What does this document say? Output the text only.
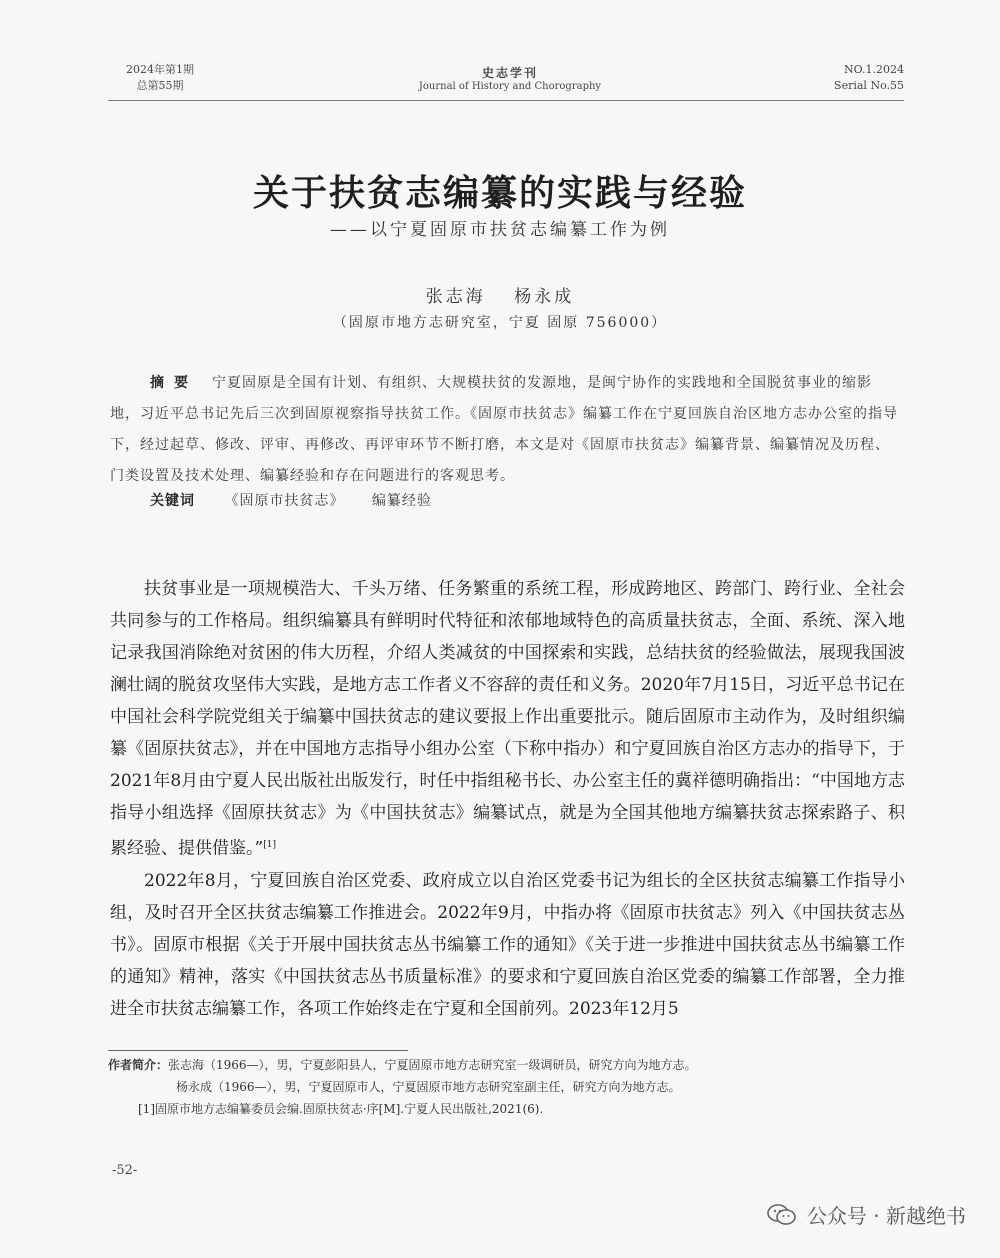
2024年第1期
总第55期
史志学刊
Journal of History and Chorography
NO.1.2024
Serial No.55
关于扶贫志编纂的实践与经验
——以宁夏固原市扶贫志编纂工作为例
张志海 杨永成
（固原市地方志研究室，宁夏 固原 756000）
摘要 宁夏固原是全国有计划、有组织、大规模扶贫的发源地，是闽宁协作的实践地和全国脱贫事业的缩影地，习近平总书记先后三次到固原视察指导扶贫工作。《固原市扶贫志》编纂工作在宁夏回族自治区地方志办公室的指导下，经过起草、修改、评审、再修改、再评审环节不断打磨，本文是对《固原市扶贫志》编纂背景、编纂情况及历程、门类设置及技术处理、编纂经验和存在问题进行的客观思考。
关键词 《固原市扶贫志》 编纂经验

扶贫事业是一项规模浩大、千头万绪、任务繁重的系统工程，形成跨地区、跨部门、跨行业、全社会共同参与的工作格局。组织编纂具有鲜明时代特征和浓郁地域特色的高质量扶贫志，全面、系统、深入地记录我国消除绝对贫困的伟大历程，介绍人类减贫的中国探索和实践，总结扶贫的经验做法，展现我国波澜壮阔的脱贫攻坚伟大实践，是地方志工作者义不容辞的责任和义务。2020年7月15日，习近平总书记在中国社会科学院党组关于编纂中国扶贫志的建议要报上作出重要批示。随后固原市主动作为，及时组织编纂《固原扶贫志》，并在中国地方志指导小组办公室（下称中指办）和宁夏回族自治区方志办的指导下，于2021年8月由宁夏人民出版社出版发行，时任中指组秘书长、办公室主任的冀祥德明确指出：“中国地方志指导小组选择《固原扶贫志》为《中国扶贫志》编纂试点，就是为全国其他地方编纂扶贫志探索路子、积累经验、提供借鉴。”[1]

2022年8月，宁夏回族自治区党委、政府成立以自治区党委书记为组长的全区扶贫志编纂工作指导小组，及时召开全区扶贫志编纂工作推进会。2022年9月，中指办将《固原市扶贫志》列入《中国扶贫志丛书》。固原市根据《关于开展中国扶贫志丛书编纂工作的通知》《关于进一步推进中国扶贫志丛书编纂工作的通知》精神，落实《中国扶贫志丛书质量标准》的要求和宁夏回族自治区党委的编纂工作部署，全力推进全市扶贫志编纂工作，各项工作始终走在宁夏和全国前列。2023年12月5

作者简介：张志海（1966—），男，宁夏彭阳县人，宁夏固原市地方志研究室一级调研员，研究方向为地方志。
杨永成（1966—），男，宁夏固原市人，宁夏固原市地方志研究室副主任，研究方向为地方志。
[1]固原市地方志编纂委员会编.固原扶贫志·序[M].宁夏人民出版社,2021(6).
-52-
公众号 · 新越绝书
